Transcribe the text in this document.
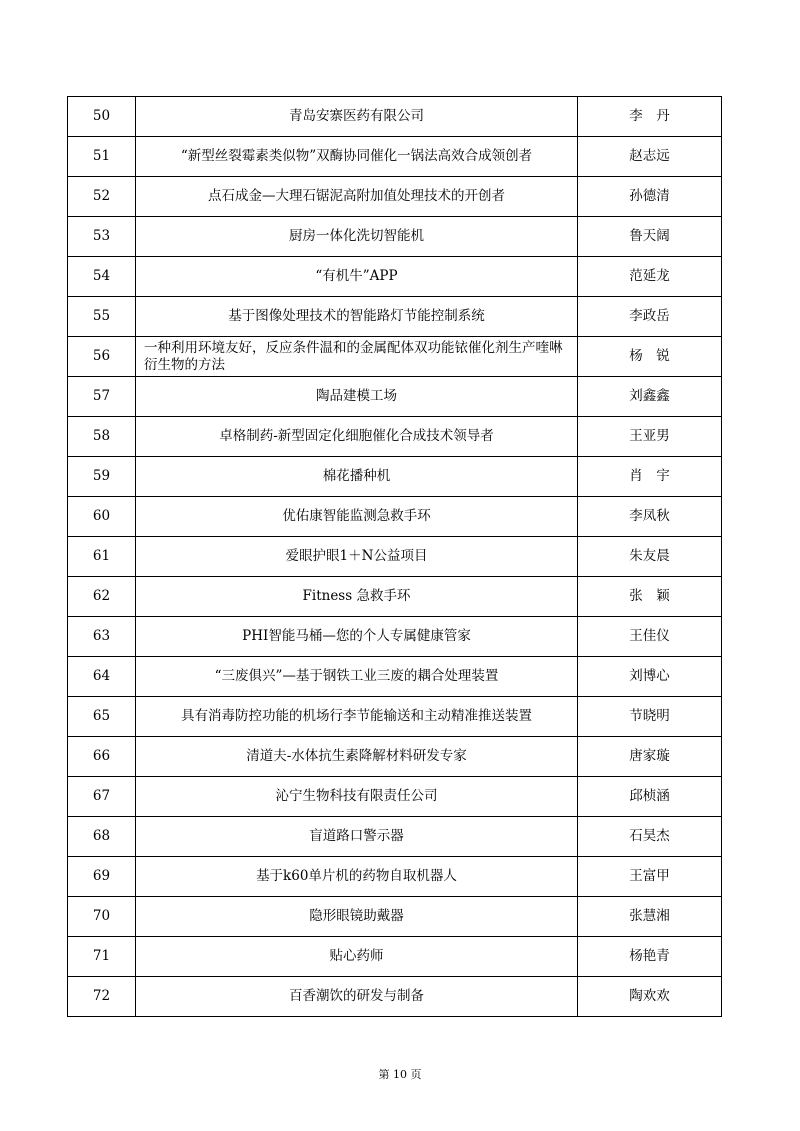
50	青岛安寨医药有限公司	李　丹
51	“新型丝裂霉素类似物”双酶协同催化一锅法高效合成领创者	赵志远
52	点石成金—大理石锯泥高附加值处理技术的开创者	孙德清
53	厨房一体化洗切智能机	鲁天阔
54	“有机牛”APP	范延龙
55	基于图像处理技术的智能路灯节能控制系统	李政岳
56	一种利用环境友好，反应条件温和的金属配体双功能铱催化剂生产喹啉衍生物的方法	杨　锐
57	陶品建模工场	刘鑫鑫
58	卓格制药-新型固定化细胞催化合成技术领导者	王亚男
59	棉花播种机	肖　宇
60	优佑康智能监测急救手环	李凤秋
61	爱眼护眼1＋N公益项目	朱友晨
62	Fitness 急救手环	张　颖
63	PHI智能马桶—您的个人专属健康管家	王佳仪
64	“三废俱兴”—基于钢铁工业三废的耦合处理装置	刘博心
65	具有消毒防控功能的机场行李节能输送和主动精准推送装置	节晓明
66	清道夫-水体抗生素降解材料研发专家	唐家璇
67	沁宁生物科技有限责任公司	邱桢涵
68	盲道路口警示器	石昊杰
69	基于k60单片机的药物自取机器人	王富甲
70	隐形眼镜助戴器	张慧湘
71	贴心药师	杨艳青
72	百香潮饮的研发与制备	陶欢欢
第 10 页
